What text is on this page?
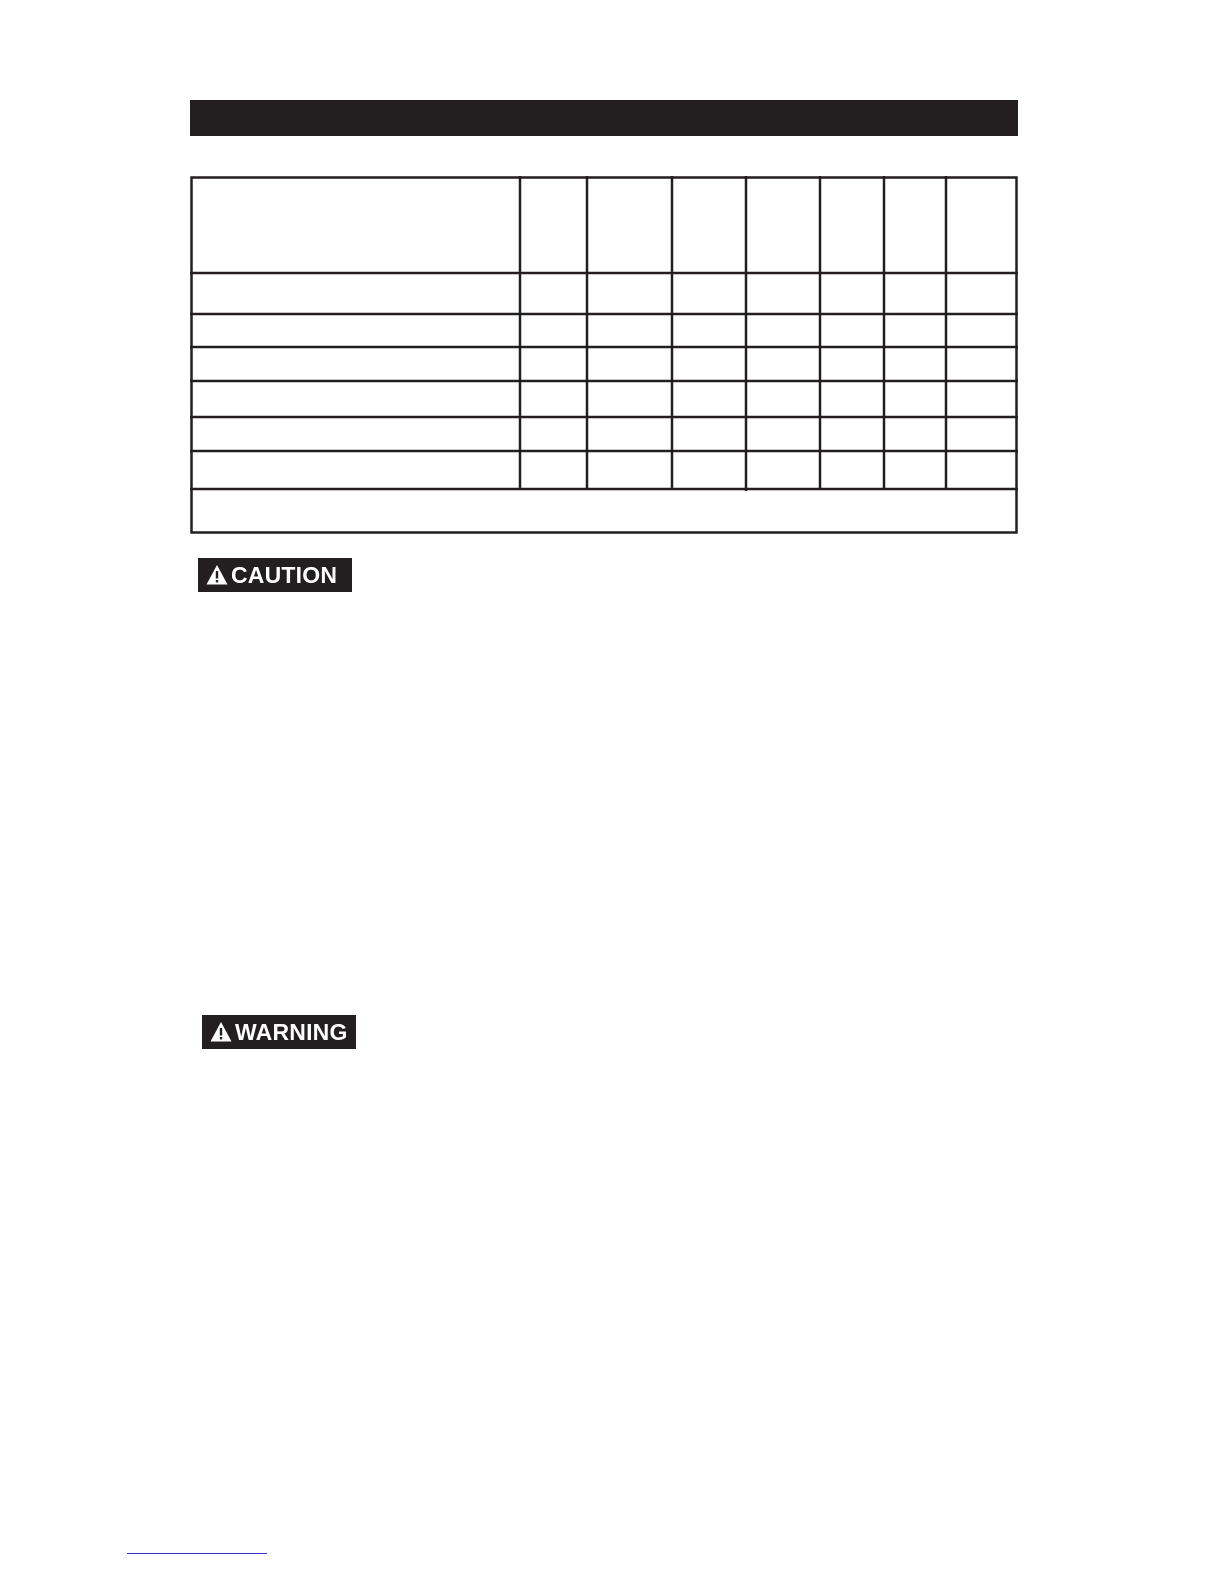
CAUTION
WARNING
